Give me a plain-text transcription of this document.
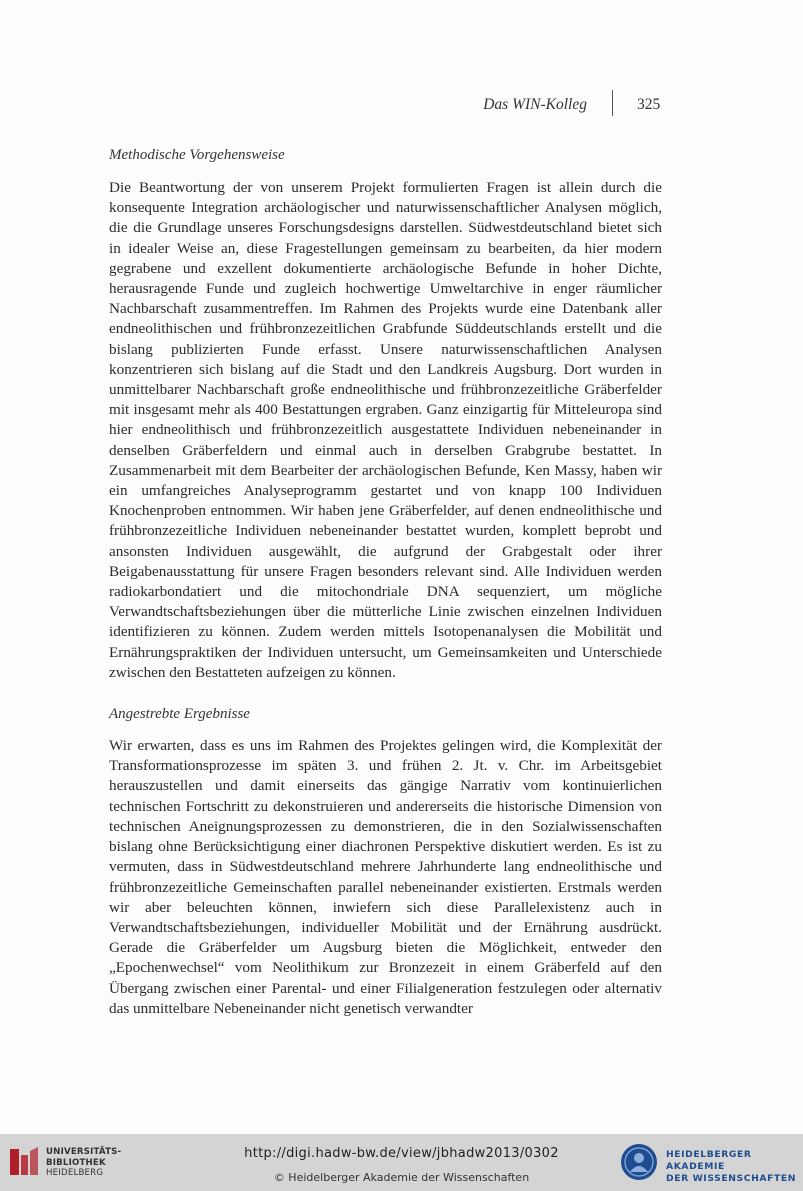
Das WIN-Kolleg	325

Methodische Vorgehensweise

Die Beantwortung der von unserem Projekt formulierten Fragen ist allein durch die konsequente Integration archäologischer und naturwissenschaftlicher Analysen möglich, die die Grundlage unseres Forschungsdesigns darstellen. Südwestdeutschland bietet sich in idealer Weise an, diese Fragestellungen gemeinsam zu bearbeiten, da hier modern gegrabene und exzellent dokumentierte archäologische Befunde in hoher Dichte, herausragende Funde und zugleich hochwertige Umweltarchive in enger räumlicher Nachbarschaft zusammentreffen. Im Rahmen des Projekts wurde eine Datenbank aller endneolithischen und frühbronzezeitlichen Grabfunde Süddeutschlands erstellt und die bislang publizierten Funde erfasst. Unsere naturwissenschaftlichen Analysen konzentrieren sich bislang auf die Stadt und den Landkreis Augsburg. Dort wurden in unmittelbarer Nachbarschaft große endneolithische und frühbronzezeitliche Gräberfelder mit insgesamt mehr als 400 Bestattungen ergraben. Ganz einzigartig für Mitteleuropa sind hier endneolithisch und frühbronzezeitlich ausgestattete Individuen nebeneinander in denselben Gräberfeldern und einmal auch in derselben Grabgrube bestattet. In Zusammenarbeit mit dem Bearbeiter der archäologischen Befunde, Ken Massy, haben wir ein umfangreiches Analyseprogramm gestartet und von knapp 100 Individuen Knochenproben entnommen. Wir haben jene Gräberfelder, auf denen endneolithische und frühbronzezeitliche Individuen nebeneinander bestattet wurden, komplett beprobt und ansonsten Individuen ausgewählt, die aufgrund der Grabgestalt oder ihrer Beigabenausstattung für unsere Fragen besonders relevant sind. Alle Individuen werden radiokarbondatiert und die mitochondriale DNA sequenziert, um mögliche Verwandtschaftsbeziehungen über die mütterliche Linie zwischen einzelnen Individuen identifizieren zu können. Zudem werden mittels Isotopenanalysen die Mobilität und Ernährungspraktiken der Individuen untersucht, um Gemeinsamkeiten und Unterschiede zwischen den Bestatteten aufzeigen zu können.

Angestrebte Ergebnisse

Wir erwarten, dass es uns im Rahmen des Projektes gelingen wird, die Komplexität der Transformationsprozesse im späten 3. und frühen 2. Jt. v. Chr. im Arbeitsgebiet herauszustellen und damit einerseits das gängige Narrativ vom kontinuierlichen technischen Fortschritt zu dekonstruieren und andererseits die historische Dimension von technischen Aneignungsprozessen zu demonstrieren, die in den Sozialwissenschaften bislang ohne Berücksichtigung einer diachronen Perspektive diskutiert werden. Es ist zu vermuten, dass in Südwestdeutschland mehrere Jahrhunderte lang endneolithische und frühbronzezeitliche Gemeinschaften parallel nebeneinander existierten. Erstmals werden wir aber beleuchten können, inwiefern sich diese Parallelexistenz auch in Verwandtschaftsbeziehungen, individueller Mobilität und der Ernährung ausdrückt. Gerade die Gräberfelder um Augsburg bieten die Möglichkeit, entweder den „Epochenwechsel“ vom Neolithikum zur Bronzezeit in einem Gräberfeld auf den Übergang zwischen einer Parental- und einer Filialgeneration festzulegen oder alternativ das unmittelbare Nebeneinander nicht genetisch verwandter

UNIVERSITÄTS-
BIBLIOTHEK
HEIDELBERG
http://digi.hadw-bw.de/view/jbhadw2013/0302
© Heidelberger Akademie der Wissenschaften
HEIDELBERGER AKADEMIE
DER WISSENSCHAFTEN
